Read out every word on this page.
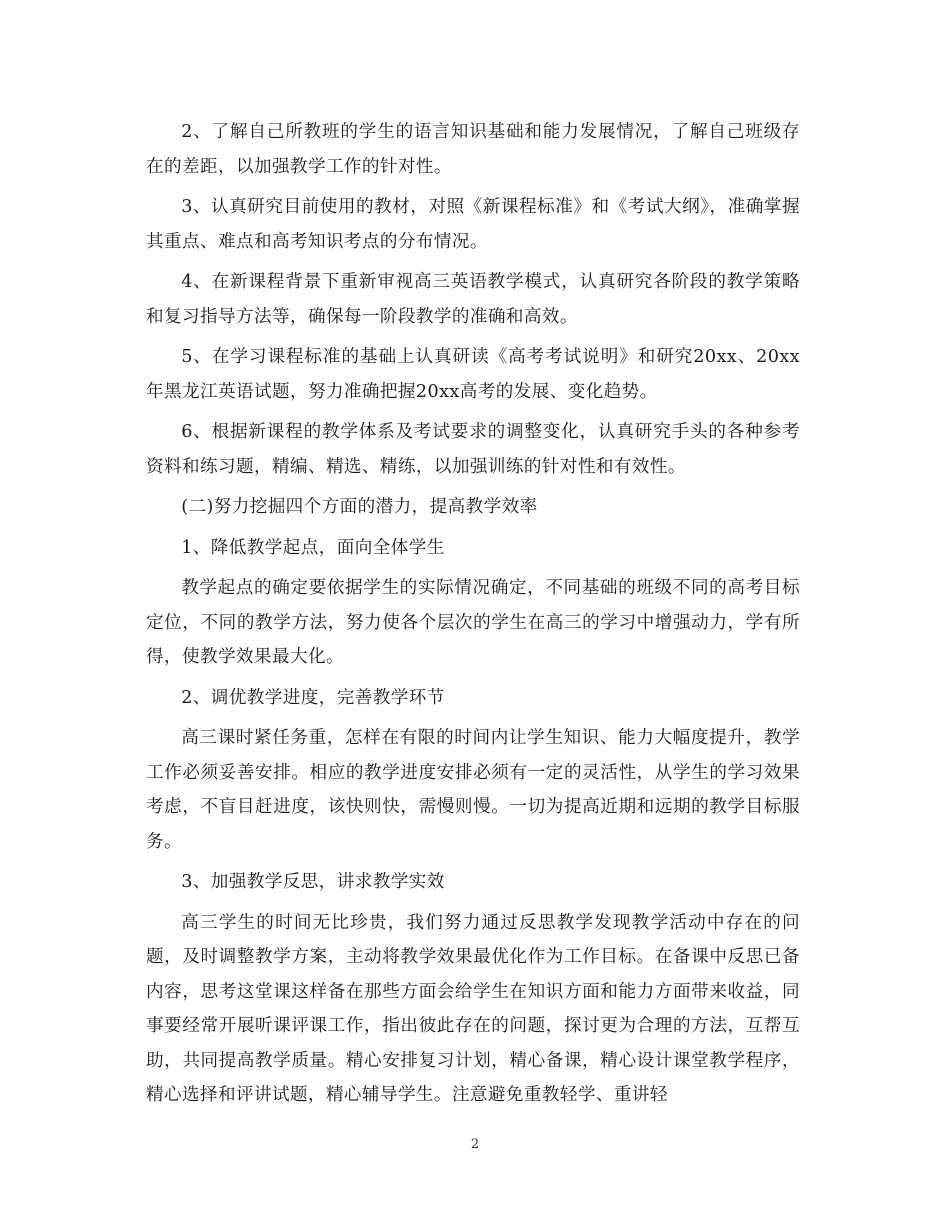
2、了解自己所教班的学生的语言知识基础和能力发展情况，了解自己班级存在的差距，以加强教学工作的针对性。

3、认真研究目前使用的教材，对照《新课程标准》和《考试大纲》，准确掌握其重点、难点和高考知识考点的分布情况。

4、在新课程背景下重新审视高三英语教学模式，认真研究各阶段的教学策略和复习指导方法等，确保每一阶段教学的准确和高效。

5、在学习课程标准的基础上认真研读《高考考试说明》和研究20xx、20xx年黑龙江英语试题，努力准确把握20xx高考的发展、变化趋势。

6、根据新课程的教学体系及考试要求的调整变化，认真研究手头的各种参考资料和练习题，精编、精选、精练，以加强训练的针对性和有效性。

(二)努力挖掘四个方面的潜力，提高教学效率

1、降低教学起点，面向全体学生

教学起点的确定要依据学生的实际情况确定，不同基础的班级不同的高考目标定位，不同的教学方法，努力使各个层次的学生在高三的学习中增强动力，学有所得，使教学效果最大化。

2、调优教学进度，完善教学环节

高三课时紧任务重，怎样在有限的时间内让学生知识、能力大幅度提升，教学工作必须妥善安排。相应的教学进度安排必须有一定的灵活性，从学生的学习效果考虑，不盲目赶进度，该快则快，需慢则慢。一切为提高近期和远期的教学目标服务。

3、加强教学反思，讲求教学实效

高三学生的时间无比珍贵，我们努力通过反思教学发现教学活动中存在的问题，及时调整教学方案，主动将教学效果最优化作为工作目标。在备课中反思已备内容，思考这堂课这样备在那些方面会给学生在知识方面和能力方面带来收益，同事要经常开展听课评课工作，指出彼此存在的问题，探讨更为合理的方法，互帮互助，共同提高教学质量。精心安排复习计划，精心备课，精心设计课堂教学程序，精心选择和评讲试题，精心辅导学生。注意避免重教轻学、重讲轻

2
